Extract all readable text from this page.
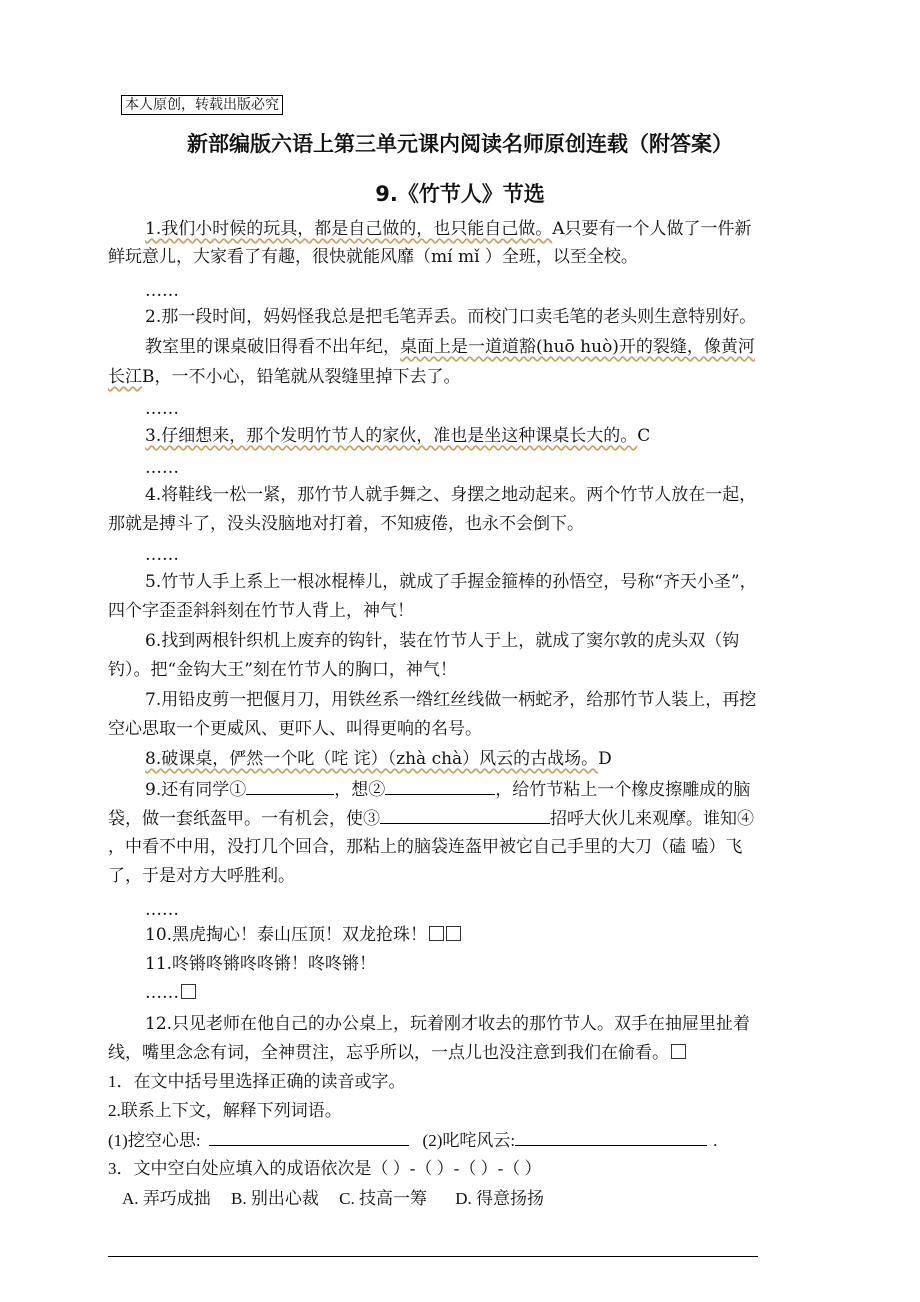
本人原创，转载出版必究
新部编版六语上第三单元课内阅读名师原创连载（附答案）
9.《竹节人》节选
1.我们小时候的玩具，都是自己做的，也只能自己做。A只要有一个人做了一件新
鲜玩意儿，大家看了有趣，很快就能风靡（mí mǐ ）全班，以至全校。
……
2.那一段时间，妈妈怪我总是把毛笔弄丢。而校门口卖毛笔的老头则生意特别好。
教室里的课桌破旧得看不出年纪，桌面上是一道道豁(huō huò)开的裂缝，像黄河
长江B，一不小心，铅笔就从裂缝里掉下去了。
……
3.仔细想来，那个发明竹节人的家伙，准也是坐这种课桌长大的。C
……
4.将鞋线一松一紧，那竹节人就手舞之、身摆之地动起来。两个竹节人放在一起，
那就是搏斗了，没头没脑地对打着，不知疲倦，也永不会倒下。
……
5.竹节人手上系上一根冰棍棒儿，就成了手握金箍棒的孙悟空，号称“齐天小圣”，
四个字歪歪斜斜刻在竹节人背上，神气！
6.找到两根针织机上废弃的钩针，装在竹节人于上，就成了窦尔敦的虎头双（钩
钓）。把“金钩大王”刻在竹节人的胸口，神气！
7.用铅皮剪一把偃月刀，用铁丝系一绺红丝线做一柄蛇矛，给那竹节人装上，再挖
空心思取一个更威风、更吓人、叫得更响的名号。
8.破课桌，俨然一个叱（咤 诧）（zhà chà）风云的古战场。D
9.还有同学①	，想②	，给竹节粘上一个橡皮擦雕成的脑
袋，做一套纸盔甲。一有机会，使③	招呼大伙儿来观摩。谁知④
，中看不中用，没打几个回合，那粘上的脑袋连盔甲被它自己手里的大刀（磕 嗑）飞
了，于是对方大呼胜利。
……
10.黑虎掏心！泰山压顶！双龙抢珠！
11.咚锵咚锵咚咚锵！咚咚锵！
……
12.只见老师在他自己的办公桌上，玩着刚才收去的那竹节人。双手在抽屉里扯着
线，嘴里念念有词，全神贯注，忘乎所以，一点儿也没注意到我们在偷看。
1．在文中括号里选择正确的读音或字。
2.联系上下文，解释下列词语。
(1)挖空心思:	(2)叱咤风云:	.
3．文中空白处应填入的成语依次是（ ）-（ ）-（ ）-（ ）
A. 弄巧成拙 B. 别出心裁 C. 技高一筹 D. 得意扬扬
